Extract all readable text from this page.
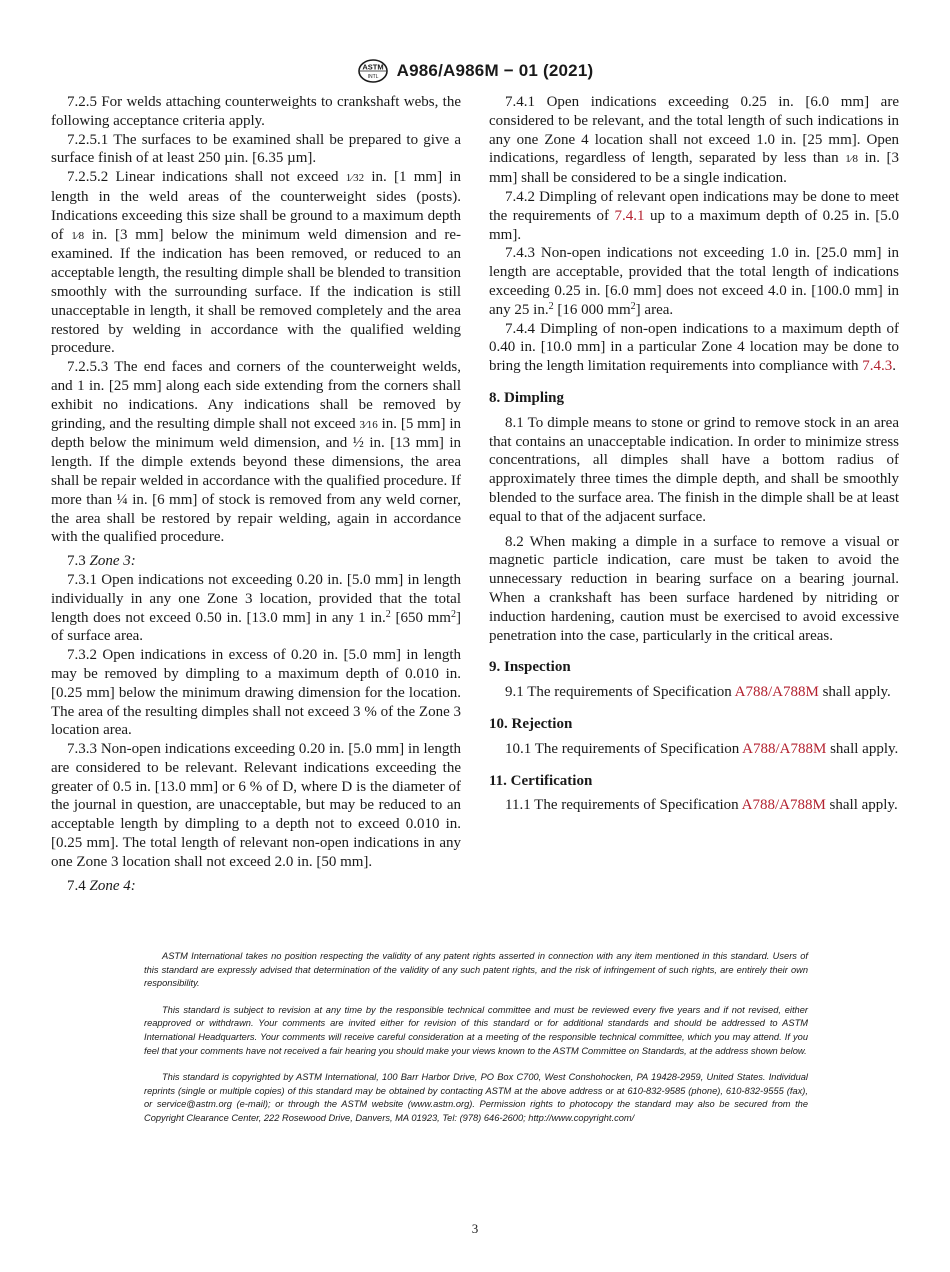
ASTM
INTL A986/A986M − 01 (2021)

7.2.5 For welds attaching counterweights to crankshaft webs, the following acceptance criteria apply.

7.2.5.1 The surfaces to be examined shall be prepared to give a surface finish of at least 250 µin. [6.35 µm].

7.2.5.2 Linear indications shall not exceed 1⁄32 in. [1 mm] in length in the weld areas of the counterweight sides (posts). Indications exceeding this size shall be ground to a maximum depth of 1⁄8 in. [3 mm] below the minimum weld dimension and re-examined. If the indication has been removed, or reduced to an acceptable length, the resulting dimple shall be blended to transition smoothly with the surrounding surface. If the indication is still unacceptable in length, it shall be removed completely and the area restored by welding in accordance with the qualified welding procedure.

7.2.5.3 The end faces and corners of the counterweight welds, and 1 in. [25 mm] along each side extending from the corners shall exhibit no indications. Any indications shall be removed by grinding, and the resulting dimple shall not exceed 3⁄16 in. [5 mm] in depth below the minimum weld dimension, and ½ in. [13 mm] in length. If the dimple extends beyond these dimensions, the area shall be repair welded in accordance with the qualified procedure. If more than ¼ in. [6 mm] of stock is removed from any weld corner, the area shall be restored by repair welding, again in accordance with the qualified procedure.

7.3 Zone 3:

7.3.1 Open indications not exceeding 0.20 in. [5.0 mm] in length individually in any one Zone 3 location, provided that the total length does not exceed 0.50 in. [13.0 mm] in any 1 in.$^2$ [650 $mm^2$] of surface area.

7.3.2 Open indications in excess of 0.20 in. [5.0 mm] in length may be removed by dimpling to a maximum depth of 0.010 in. [0.25 mm] below the minimum drawing dimension for the location. The area of the resulting dimples shall not exceed 3 % of the Zone 3 location area.

7.3.3 Non-open indications exceeding 0.20 in. [5.0 mm] in length are considered to be relevant. Relevant indications exceeding the greater of 0.5 in. [13.0 mm] or 6 % of D, where D is the diameter of the journal in question, are unacceptable, but may be reduced to an acceptable length by dimpling to a depth not to exceed 0.010 in. [0.25 mm]. The total length of relevant non-open indications in any one Zone 3 location shall not exceed 2.0 in. [50 mm].

7.4 Zone 4:

7.4.1 Open indications exceeding 0.25 in. [6.0 mm] are considered to be relevant, and the total length of such indications in any one Zone 4 location shall not exceed 1.0 in. [25 mm]. Open indications, regardless of length, separated by less than 1⁄8 in. [3 mm] shall be considered to be a single indication.

7.4.2 Dimpling of relevant open indications may be done to meet the requirements of 7.4.1 up to a maximum depth of 0.25 in. [5.0 mm].

7.4.3 Non-open indications not exceeding 1.0 in. [25.0 mm] in length are acceptable, provided that the total length of indications exceeding 0.25 in. [6.0 mm] does not exceed 4.0 in. [100.0 mm] in any 25 in.$^2$ [16 000 $mm^2$] area.

7.4.4 Dimpling of non-open indications to a maximum depth of 0.40 in. [10.0 mm] in a particular Zone 4 location may be done to bring the length limitation requirements into compliance with 7.4.3.

8. Dimpling

8.1 To dimple means to stone or grind to remove stock in an area that contains an unacceptable indication. In order to minimize stress concentrations, all dimples shall have a bottom radius of approximately three times the dimple depth, and shall be smoothly blended to the surface area. The finish in the dimple shall be at least equal to that of the adjacent surface.

8.2 When making a dimple in a surface to remove a visual or magnetic particle indication, care must be taken to avoid the unnecessary reduction in bearing surface on a bearing journal. When a crankshaft has been surface hardened by nitriding or induction hardening, caution must be exercised to avoid excessive penetration into the case, particularly in the critical areas.

9. Inspection

9.1 The requirements of Specification A788/A788M shall apply.

10. Rejection

10.1 The requirements of Specification A788/A788M shall apply.

11. Certification

11.1 The requirements of Specification A788/A788M shall apply.

ASTM International takes no position respecting the validity of any patent rights asserted in connection with any item mentioned in this standard. Users of this standard are expressly advised that determination of the validity of any such patent rights, and the risk of infringement of such rights, are entirely their own responsibility.

This standard is subject to revision at any time by the responsible technical committee and must be reviewed every five years and if not revised, either reapproved or withdrawn. Your comments are invited either for revision of this standard or for additional standards and should be addressed to ASTM International Headquarters. Your comments will receive careful consideration at a meeting of the responsible technical committee, which you may attend. If you feel that your comments have not received a fair hearing you should make your views known to the ASTM Committee on Standards, at the address shown below.

This standard is copyrighted by ASTM International, 100 Barr Harbor Drive, PO Box C700, West Conshohocken, PA 19428-2959, United States. Individual reprints (single or multiple copies) of this standard may be obtained by contacting ASTM at the above address or at 610-832-9585 (phone), 610-832-9555 (fax), or service@astm.org (e-mail); or through the ASTM website (www.astm.org). Permission rights to photocopy the standard may also be secured from the Copyright Clearance Center, 222 Rosewood Drive, Danvers, MA 01923, Tel: (978) 646-2600; http://www.copyright.com/

3
